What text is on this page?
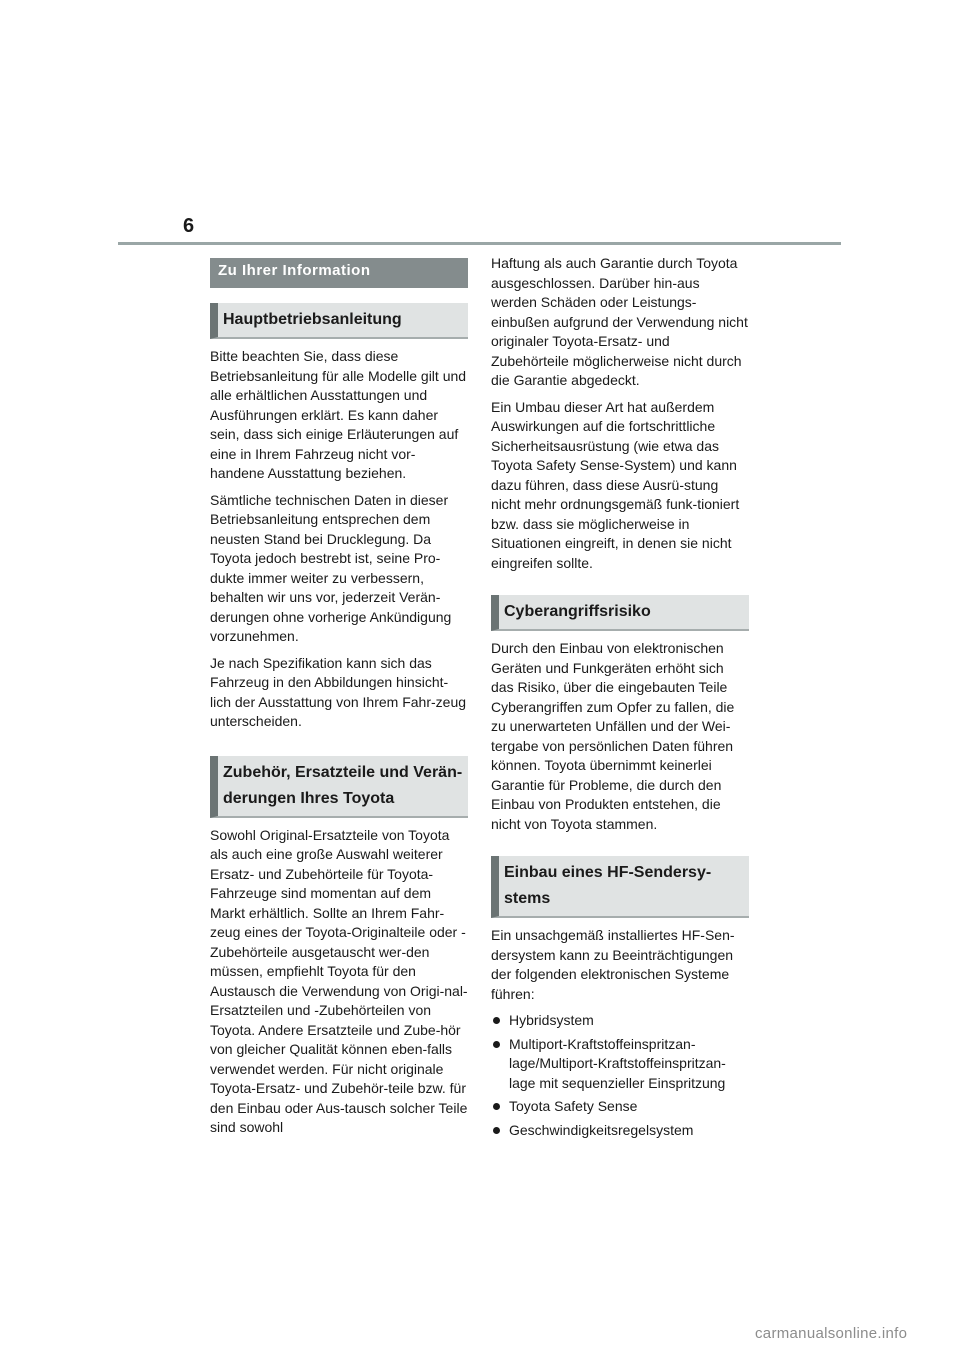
6
Zu Ihrer Information
Hauptbetriebsanleitung

Bitte beachten Sie, dass diese Betriebsanleitung für alle Modelle gilt und alle erhältlichen Ausstattungen und Ausführungen erklärt. Es kann daher sein, dass sich einige Erläuterungen auf eine in Ihrem Fahrzeug nicht vor-handene Ausstattung beziehen.

Sämtliche technischen Daten in dieser Betriebsanleitung entsprechen dem neusten Stand bei Drucklegung. Da Toyota jedoch bestrebt ist, seine Pro-dukte immer weiter zu verbessern, behalten wir uns vor, jederzeit Verän-derungen ohne vorherige Ankündigung vorzunehmen.

Je nach Spezifikation kann sich das Fahrzeug in den Abbildungen hinsicht-lich der Ausstattung von Ihrem Fahr-zeug unterscheiden.

Zubehör, Ersatzteile und Verän-derungen Ihres Toyota

Sowohl Original-Ersatzteile von Toyota als auch eine große Auswahl weiterer Ersatz- und Zubehörteile für Toyota-Fahrzeuge sind momentan auf dem Markt erhältlich. Sollte an Ihrem Fahr-zeug eines der Toyota-Originalteile oder -Zubehörteile ausgetauscht wer-den müssen, empfiehlt Toyota für den Austausch die Verwendung von Origi-nal-Ersatzteilen und -Zubehörteilen von Toyota. Andere Ersatzteile und Zube-hör von gleicher Qualität können eben-falls verwendet werden. Für nicht originale Toyota-Ersatz- und Zubehör-teile bzw. für den Einbau oder Aus-tausch solcher Teile sind sowohl

Haftung als auch Garantie durch Toyota ausgeschlossen. Darüber hin-aus werden Schäden oder Leistungs-einbußen aufgrund der Verwendung nicht originaler Toyota-Ersatz- und Zubehörteile möglicherweise nicht durch die Garantie abgedeckt.

Ein Umbau dieser Art hat außerdem Auswirkungen auf die fortschrittliche Sicherheitsausrüstung (wie etwa das Toyota Safety Sense-System) und kann dazu führen, dass diese Ausrü-stung nicht mehr ordnungsgemäß funk-tioniert bzw. dass sie möglicherweise in Situationen eingreift, in denen sie nicht eingreifen sollte.

Cyberangriffsrisiko

Durch den Einbau von elektronischen Geräten und Funkgeräten erhöht sich das Risiko, über die eingebauten Teile Cyberangriffen zum Opfer zu fallen, die zu unerwarteten Unfällen und der Wei-tergabe von persönlichen Daten führen können. Toyota übernimmt keinerlei Garantie für Probleme, die durch den Einbau von Produkten entstehen, die nicht von Toyota stammen.

Einbau eines HF-Sendersy-stems

Ein unsachgemäß installiertes HF-Sen-dersystem kann zu Beeinträchtigungen der folgenden elektronischen Systeme führen:

Hybridsystem
Multiport-Kraftstoffeinspritzan-lage/Multiport-Kraftstoffeinspritzan-lage mit sequenzieller Einspritzung
Toyota Safety Sense
Geschwindigkeitsregelsystem
carmanualsonline.info
